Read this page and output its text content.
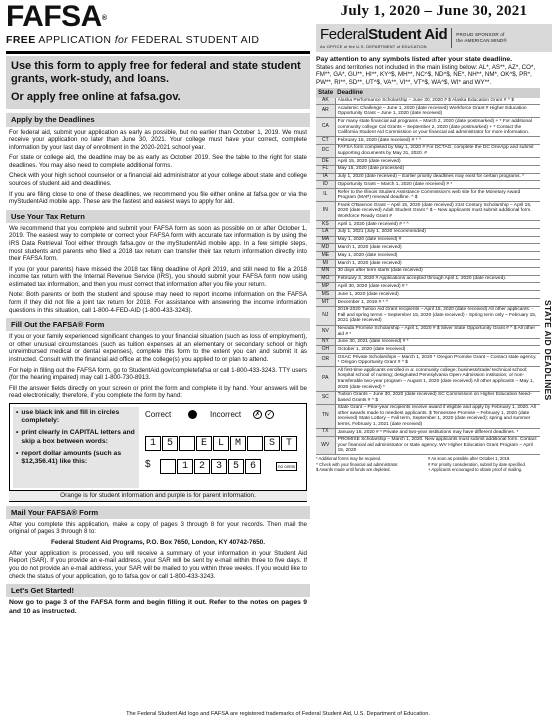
FAFSA®
FREE APPLICATION for FEDERAL STUDENT AID
July 1, 2020 – June 30, 2021
FederalStudent Aid
An OFFICE of the U.S. DEPARTMENT of EDUCATION
PROUD SPONSOR of
the AMERICAN MIND®
Use this form to apply free for federal and state student grants, work-study, and loans.
Or apply free online at fafsa.gov.
Apply by the Deadlines

For federal aid, submit your application as early as possible, but no earlier than October 1, 2019. We must receive your application no later than June 30, 2021. Your college must have your correct, complete information by your last day of enrollment in the 2020-2021 school year.

For state or college aid, the deadline may be as early as October 2019. See the table to the right for state deadlines. You may also need to complete additional forms.

Check with your high school counselor or a financial aid administrator at your college about state and college sources of student aid and deadlines.

If you are filing close to one of these deadlines, we recommend you file either online at fafsa.gov or via the myStudentAid mobile app. These are the fastest and easiest ways to apply for aid.

Use Your Tax Return

We recommend that you complete and submit your FAFSA form as soon as possible on or after October 1, 2019. The easiest way to complete or correct your FAFSA form with accurate tax information is by using the IRS Data Retrieval Tool either through fafsa.gov or the myStudentAid mobile app. In a few simple steps, most students and parents who filed a 2018 tax return can transfer their tax return information directly into their FAFSA form.

If you (or your parents) have missed the 2018 tax filing deadline of April 2019, and still need to file a 2018 income tax return with the Internal Revenue Service (IRS), you should submit your FAFSA form now using estimated tax information, and then you must correct that information after you file your return.

Note: Both parents or both the student and spouse may need to report income information on the FAFSA form if they did not file a joint tax return for 2018. For assistance with answering the income information questions in this situation, call 1-800-4-FED-AID (1-800-433-3243).

Fill Out the FAFSA® Form

If you or your family experienced significant changes to your financial situation (such as loss of employment), or other unusual circumstances (such as tuition expenses at an elementary or secondary school or high unreimbursed medical or dental expenses), complete this form to the extent you can and submit it as instructed. Consult with the financial aid office at the college(s) you applied to or plan to attend.

For help in filling out the FAFSA form, go to StudentAid.gov/completefafsa or call 1-800-433-3243. TTY users (for the hearing impaired) may call 1-800-730-8913.

Fill the answer fields directly on your screen or print the form and complete it by hand. Your answers will be read electronically; therefore, if you complete the form by hand:

• use black ink and fill in circles completely:
• print clearly in CAPITAL letters and skip a box between words:
• report dollar amounts (such as $12,356.41) like this:
Correct	Incorrect ✗ ✓
1	5	E	L	M	S	T
$	1	2	3	5	6	no cents
Orange is for student information and purple is for parent information.
Mail Your FAFSA® Form

After you complete this application, make a copy of pages 3 through 8 for your records. Then mail the original of pages 3 through 8 to:

Federal Student Aid Programs, P.O. Box 7650, London, KY 40742-7650.

After your application is processed, you will receive a summary of your information in your Student Aid Report (SAR). If you provide an e-mail address, your SAR will be sent by e-mail within three to five days. If you do not provide an e-mail address, your SAR will be mailed to you within three weeks. If you would like to check the status of your application, go to fafsa.gov or call 1-800-433-3243.

Let's Get Started!

Now go to page 3 of the FAFSA form and begin filling it out. Refer to the notes on pages 9 and 10 as instructed.

Pay attention to any symbols listed after your state deadline.
States and territories not included in the main listing below: AL*, AS**, AZ*, CO*, FM**, GA*, GU**, HI**, KY^$, MH**, NC^$, ND^$, NE*, NH**, NM*, OK^$, PR*, PW**, RI**, SD**, UT^$, VA**, VI**, VT^$, WA^$, WI* and WY**.
State	Deadline
AK	Alaska Performance Scholarship – June 30, 2020 # $ Alaska Education Grant # ^ $
AR	Academic Challenge – June 1, 2020 (date received) Workforce Grant # Higher Education Opportunity Grant – June 1, 2020 (date received)
CA	For many state financial aid programs – March 2, 2020 (date postmarked) + * For additional community college Cal Grants – September 2, 2020 (date postmarked) + * Contact the California Student Aid Commission or your financial aid administrator for more information.
CT	February 15, 2020 (date received) # * ^
DC	FAFSA form completed by May 1, 2020 # For DCTAG, complete the DC OneApp and submit supporting documents by May 31, 2020. #
DE	April 15, 2020 (date received)
FL	May 15, 2020 (date processed)
IA	July 1, 2020 (date received) – Earlier priority deadlines may exist for certain programs. *
ID	Opportunity Grant – March 1, 2020 (date received) # *
IL	Refer to the Illinois Student Assistance Commission's web site for the Monetary Award Program (MAP) renewal deadline. ^ $
IN	Frank O'Bannon Grant – April 15, 2020 (date received) 21st Century Scholarship – April 15, 2020 (date received) Adult Student Grant ^ $ – New applicants must submit additional form. Workforce Ready Grant #
KS	April 1, 2020 (date received) # * ^
LA	July 1, 2021 (July 1, 2020 recommended)
MA	May 1, 2020 (date received) #
MD	March 1, 2020 (date received)
ME	May 1, 2020 (date received)
MI	March 1, 2020 (date received)
MN	30 days after term starts (date received)
MO	February 3, 2020 # Applications accepted through April 1, 2020 (date received).
MP	April 30, 2020 (date received) # *
MS	June 1, 2020 (date received)
MT	December 1, 2019 # * ^
NJ	2019-2020 Tuition Aid Grant recipients – April 15, 2020 (date received) All other applicants: - Fall and spring terms – September 15, 2020 (date received) - Spring term only – February 15, 2021 (date received)
NV	Nevada Promise Scholarship – April 1, 2020 # $ Silver State Opportunity Grant # ^ $ All other aid # *
NY	June 30, 2021 (date received) # *
OH	October 1, 2020 (date received)
OR	OSAC Private Scholarships – March 1, 2020 * Oregon Promise Grant – Contact state agency. * Oregon Opportunity Grant # ^ $
PA	All first-time applicants enrolled in a: community college; business/trade/ technical school; hospital school of nursing; designated Pennsylvania Open-Admission institution; or non-transferable two-year program – August 1, 2020 (date received) All other applicants – May 1, 2020 (date received) *
SC	Tuition Grants – June 30, 2020 (date received) SC Commission on Higher Education Need-based Grants # ^ $
TN	State Grant – Prior-year recipients receive award if eligible and apply by February 1, 2020. All other awards made to neediest applicants. $ Tennessee Promise – February 1, 2020 (date received) State Lottery – Fall term, September 1, 2020 (date received); spring and summer terms, February 1, 2021 (date received)
TX	January 15, 2020 # * Private and two-year institutions may have different deadlines. *
WV	PROMISE Scholarship – March 1, 2020. New applicants must submit additional form. Contact your financial aid administrator or state agency. WV Higher Education Grant Program – April 15, 2020
* Additional forms may be required.	# As soon as possible after October 1, 2019.
^ Check with your financial aid administrator.	# For priority consideration, submit by date specified.
$ Awards made until funds are depleted.	+ Applicants encouraged to obtain proof of mailing.
STATE AID DEADLINES
The Federal Student Aid logo and FAFSA are registered trademarks of Federal Student Aid, U.S. Department of Education.
